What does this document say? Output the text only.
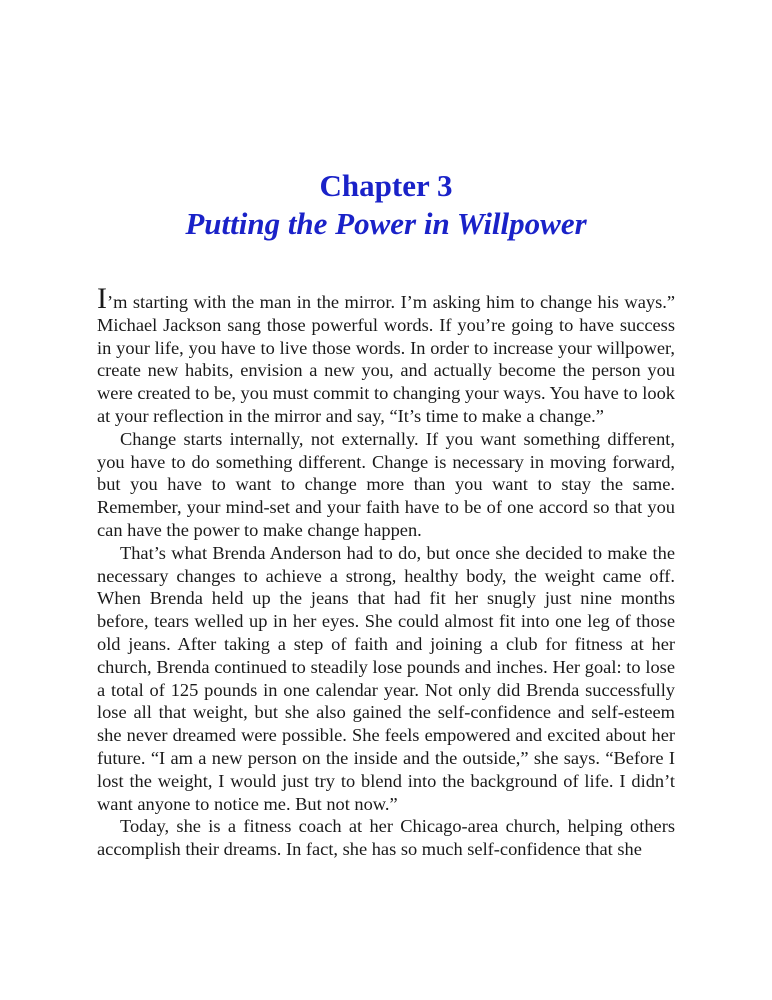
Chapter 3
Putting the Power in Willpower

I’m starting with the man in the mirror. I’m asking him to change his ways.” Michael Jackson sang those powerful words. If you’re going to have success in your life, you have to live those words. In order to increase your willpower, create new habits, envision a new you, and actually become the person you were created to be, you must commit to changing your ways. You have to look at your reflection in the mirror and say, “It’s time to make a change.”

Change starts internally, not externally. If you want something different, you have to do something different. Change is necessary in moving forward, but you have to want to change more than you want to stay the same. Remember, your mind-set and your faith have to be of one accord so that you can have the power to make change happen.

That’s what Brenda Anderson had to do, but once she decided to make the necessary changes to achieve a strong, healthy body, the weight came off. When Brenda held up the jeans that had fit her snugly just nine months before, tears welled up in her eyes. She could almost fit into one leg of those old jeans. After taking a step of faith and joining a club for fitness at her church, Brenda continued to steadily lose pounds and inches. Her goal: to lose a total of 125 pounds in one calendar year. Not only did Brenda successfully lose all that weight, but she also gained the self-confidence and self-esteem she never dreamed were possible. She feels empowered and excited about her future. “I am a new person on the inside and the outside,” she says. “Before I lost the weight, I would just try to blend into the background of life. I didn’t want anyone to notice me. But not now.”

Today, she is a fitness coach at her Chicago-area church, helping others accomplish their dreams. In fact, she has so much self-confidence that she
